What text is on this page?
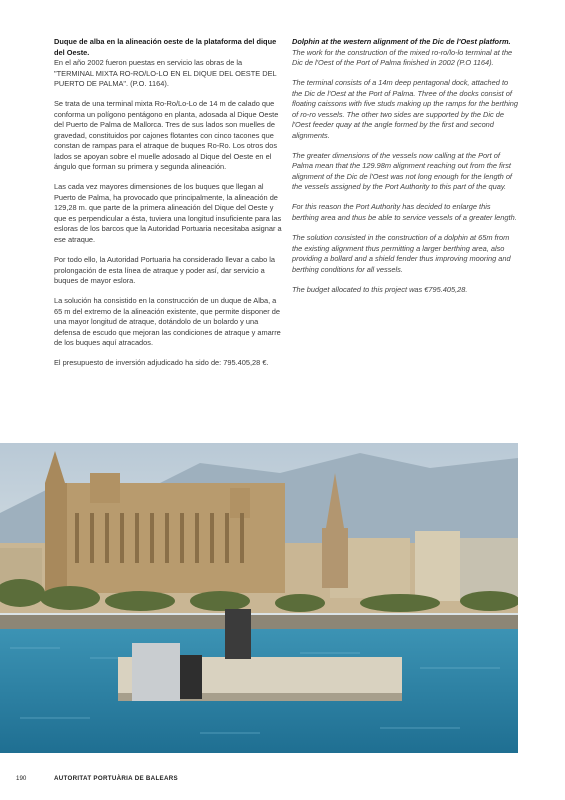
Duque de alba en la alineación oeste de la plataforma del dique del Oeste.

En el año 2002 fueron puestas en servicio las obras de la "TERMINAL MIXTA RO-RO/LO-LO EN EL DIQUE DEL OESTE DEL PUERTO DE PALMA". (P.O. 1164).

Se trata de una terminal mixta Ro-Ro/Lo-Lo de 14 m de calado que conforma un polígono pentágono en planta, adosada al Dique Oeste del Puerto de Palma de Mallorca. Tres de sus lados son muelles de gravedad, constituidos por cajones flotantes con cinco tacones que constan de rampas para el atraque de buques Ro-Ro. Los otros dos lados se apoyan sobre el muelle adosado al Dique del Oeste en el ángulo que forman su primera y segunda alineación.

Las cada vez mayores dimensiones de los buques que llegan al Puerto de Palma, ha provocado que principalmente, la alineación de 129,28 m. que parte de la primera alineación del Dique del Oeste y que es perpendicular a ésta, tuviera una longitud insuficiente para las esloras de los barcos que la Autoridad Portuaria necesitaba asignar a ese atraque.

Por todo ello, la Autoridad Portuaria ha considerado llevar a cabo la prolongación de esta línea de atraque y poder así, dar servicio a buques de mayor eslora.

La solución ha consistido en la construcción de un duque de Alba, a 65 m del extremo de la alineación existente, que permite disponer de una mayor longitud de atraque, dotándolo de un bolardo y una defensa de escudo que mejoran las condiciones de atraque y amarre de los buques aquí atracados.

El presupuesto de inversión adjudicado ha sido de: 795.405,28 €.

Dolphin at the western alignment of the Dic de l'Oest platform.

The work for the construction of the mixed ro-ro/lo-lo terminal at the Dic de l'Oest of the Port of Palma finished in 2002 (P.O 1164).

The terminal consists of a 14m deep pentagonal dock, attached to the Dic de l'Oest at the Port of Palma. Three of the docks consist of floating caissons with five studs making up the ramps for the berthing of ro-ro vessels. The other two sides are supported by the Dic de l'Oest feeder quay at the angle formed by the first and second alignments.

The greater dimensions of the vessels now calling at the Port of Palma mean that the 129.98m alignment reaching out from the first alignment of the Dic de l'Oest was not long enough for the length of the vessels assigned by the Port Authority to this part of the quay.

For this reason the Port Authority has decided to enlarge this berthing area and thus be able to service vessels of a greater length.

The solution consisted in the construction of a dolphin at 65m from the existing alignment thus permitting a larger berthing area, also providing a bollard and a shield fender thus improving mooring and berthing conditions for all vessels.

The budget allocated to this project was €795.405,28.

190	AUTORITAT PORTUÀRIA DE BALEARS
